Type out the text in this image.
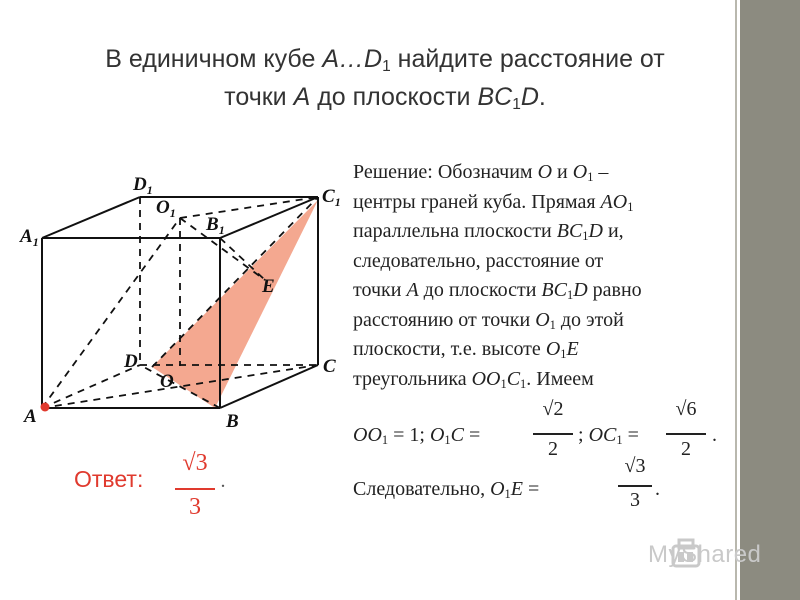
В единичном кубе $A\dots D_1$ найдите расстояние от
точки A до плоскости $BC_1D$.
$D_1$	$C_1$
$A_1$
$O_1$
$B_1$
E
D	C
O
A	B
Решение: Обозначим O и $O_1$ –
центры граней куба. Прямая $AO_1$
параллельна плоскости $BC_1D$ и,
следовательно, расстояние от
точки A до плоскости $BC_1D$ равно
расстоянию от точки $O_1$ до этой
плоскости, т.е. высоте $O_1E$
треугольника $OO_1C_1$. Имеем
$OO_1 = 1$; $O_1C$ =
√2
2
; $OC_1$ =
√6
2
.
Следовательно, $O_1E$ =
√3
3 .
Ответ:
√3
3
.
MyShared
